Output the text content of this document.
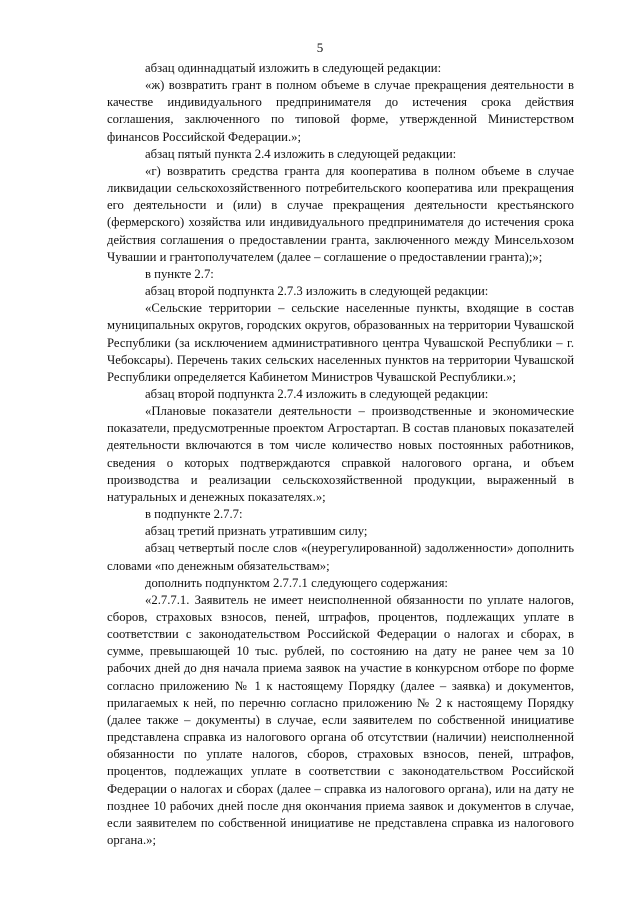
5

абзац одиннадцатый изложить в следующей редакции:

«ж) возвратить грант в полном объеме в случае прекращения деятельности в качестве индивидуального предпринимателя до истечения срока действия соглашения, заключенного по типовой форме, утвержденной Министерством финансов Российской Федерации.»;

абзац пятый пункта 2.4 изложить в следующей редакции:

«г) возвратить средства гранта для кооператива в полном объеме в случае ликвидации сельскохозяйственного потребительского кооператива или прекращения его деятельности и (или) в случае прекращения деятельности крестьянского (фермерского) хозяйства или индивидуального предпринимателя до истечения срока действия соглашения о предоставлении гранта, заключенного между Минсельхозом Чувашии и грантополучателем (далее – соглашение о предоставлении гранта);»;

в пункте 2.7:

абзац второй подпункта 2.7.3 изложить в следующей редакции:

«Сельские территории – сельские населенные пункты, входящие в состав муниципальных округов, городских округов, образованных на территории Чувашской Республики (за исключением административного центра Чувашской Республики – г. Чебоксары). Перечень таких сельских населенных пунктов на территории Чувашской Республики определяется Кабинетом Министров Чувашской Республики.»;

абзац второй подпункта 2.7.4 изложить в следующей редакции:

«Плановые показатели деятельности – производственные и экономические показатели, предусмотренные проектом Агростартап. В состав плановых показателей деятельности включаются в том числе количество новых постоянных работников, сведения о которых подтверждаются справкой налогового органа, и объем производства и реализации сельскохозяйственной продукции, выраженный в натуральных и денежных показателях.»;

в подпункте 2.7.7:

абзац третий признать утратившим силу;

абзац четвертый после слов «(неурегулированной) задолженности» дополнить словами «по денежным обязательствам»;

дополнить подпунктом 2.7.7.1 следующего содержания:

«2.7.7.1. Заявитель не имеет неисполненной обязанности по уплате налогов, сборов, страховых взносов, пеней, штрафов, процентов, подлежащих уплате в соответствии с законодательством Российской Федерации о налогах и сборах, в сумме, превышающей 10 тыс. рублей, по состоянию на дату не ранее чем за 10 рабочих дней до дня начала приема заявок на участие в конкурсном отборе по форме согласно приложению № 1 к настоящему Порядку (далее – заявка) и документов, прилагаемых к ней, по перечню согласно приложению № 2 к настоящему Порядку (далее также – документы) в случае, если заявителем по собственной инициативе представлена справка из налогового органа об отсутствии (наличии) неисполненной обязанности по уплате налогов, сборов, страховых взносов, пеней, штрафов, процентов, подлежащих уплате в соответствии с законодательством Российской Федерации о налогах и сборах (далее – справка из налогового органа), или на дату не позднее 10 рабочих дней после дня окончания приема заявок и документов в случае, если заявителем по собственной инициативе не представлена справка из налогового органа.»;
